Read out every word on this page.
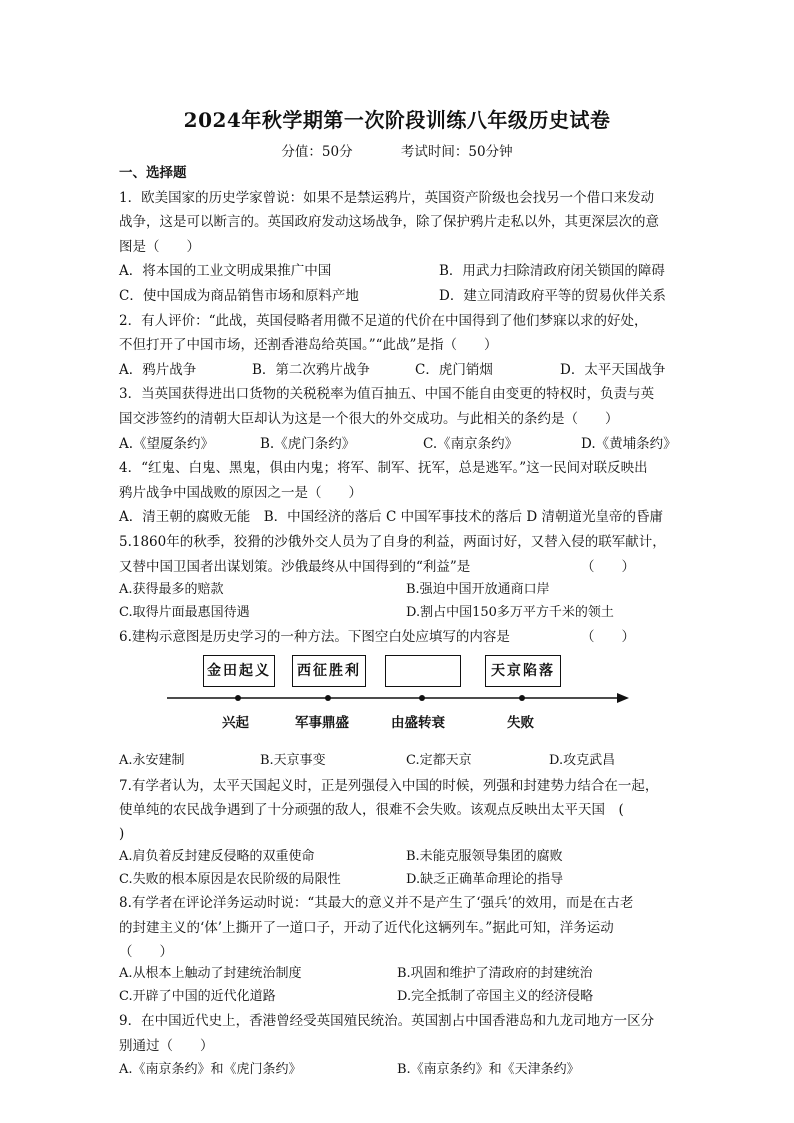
2024年秋学期第一次阶段训练八年级历史试卷
分值：50分	考试时间：50分钟
一、选择题
1．欧美国家的历史学家曾说：如果不是禁运鸦片，英国资产阶级也会找另一个借口来发动
战争，这是可以断言的。英国政府发动这场战争，除了保护鸦片走私以外，其更深层次的意
图是（　　）
A．将本国的工业文明成果推广中国	B．用武力扫除清政府闭关锁国的障碍
C．使中国成为商品销售市场和原料产地	D．建立同清政府平等的贸易伙伴关系
2．有人评价：“此战，英国侵略者用微不足道的代价在中国得到了他们梦寐以求的好处，
不但打开了中国市场，还割香港岛给英国。”“此战”是指（　　）
A．鸦片战争	B．第二次鸦片战争	C．虎门销烟	D．太平天国战争
3．当英国获得进出口货物的关税税率为值百抽五、中国不能自由变更的特权时，负责与英
国交涉签约的清朝大臣却认为这是一个很大的外交成功。与此相关的条约是（　　）
A.《望厦条约》	B.《虎门条约》	C.《南京条约》	D.《黄埔条约》
4．“红鬼、白鬼、黑鬼，俱由内鬼；将军、制军、抚军，总是逃军。”这一民间对联反映出
鸦片战争中国战败的原因之一是（　　）
A．清王朝的腐败无能　B．中国经济的落后 C 中国军事技术的落后 D 清朝道光皇帝的昏庸
5.1860年的秋季，狡猾的沙俄外交人员为了自身的利益，两面讨好，又替入侵的联军献计，
又替中国卫国者出谋划策。沙俄最终从中国得到的“利益”是	（　　）
A.获得最多的赔款	B.强迫中国开放通商口岸
C.取得片面最惠国待遇	D.割占中国150多万平方千米的领土
6.建构示意图是历史学习的一种方法。下图空白处应填写的内容是	（　　）
金田起义	西征胜利	天京陷落
兴起	军事鼎盛	由盛转衰	失败
A.永安建制	B.天京事变	C.定都天京	D.攻克武昌
7.有学者认为，太平天国起义时，正是列强侵入中国的时候，列强和封建势力结合在一起，
使单纯的农民战争遇到了十分顽强的敌人，很难不会失败。该观点反映出太平天国　(
)
A.肩负着反封建反侵略的双重使命	B.未能克服领导集团的腐败
C.失败的根本原因是农民阶级的局限性	D.缺乏正确革命理论的指导
8.有学者在评论洋务运动时说：“其最大的意义并不是产生了‘强兵’的效用，而是在古老
的封建主义的‘体’上撕开了一道口子，开动了近代化这辆列车。”据此可知，洋务运动
（　　）
A.从根本上触动了封建统治制度	B.巩固和维护了清政府的封建统治
C.开辟了中国的近代化道路	D.完全抵制了帝国主义的经济侵略
9．在中国近代史上，香港曾经受英国殖民统治。英国割占中国香港岛和九龙司地方一区分
别通过（　　）
A.《南京条约》和《虎门条约》	B.《南京条约》和《天津条约》
